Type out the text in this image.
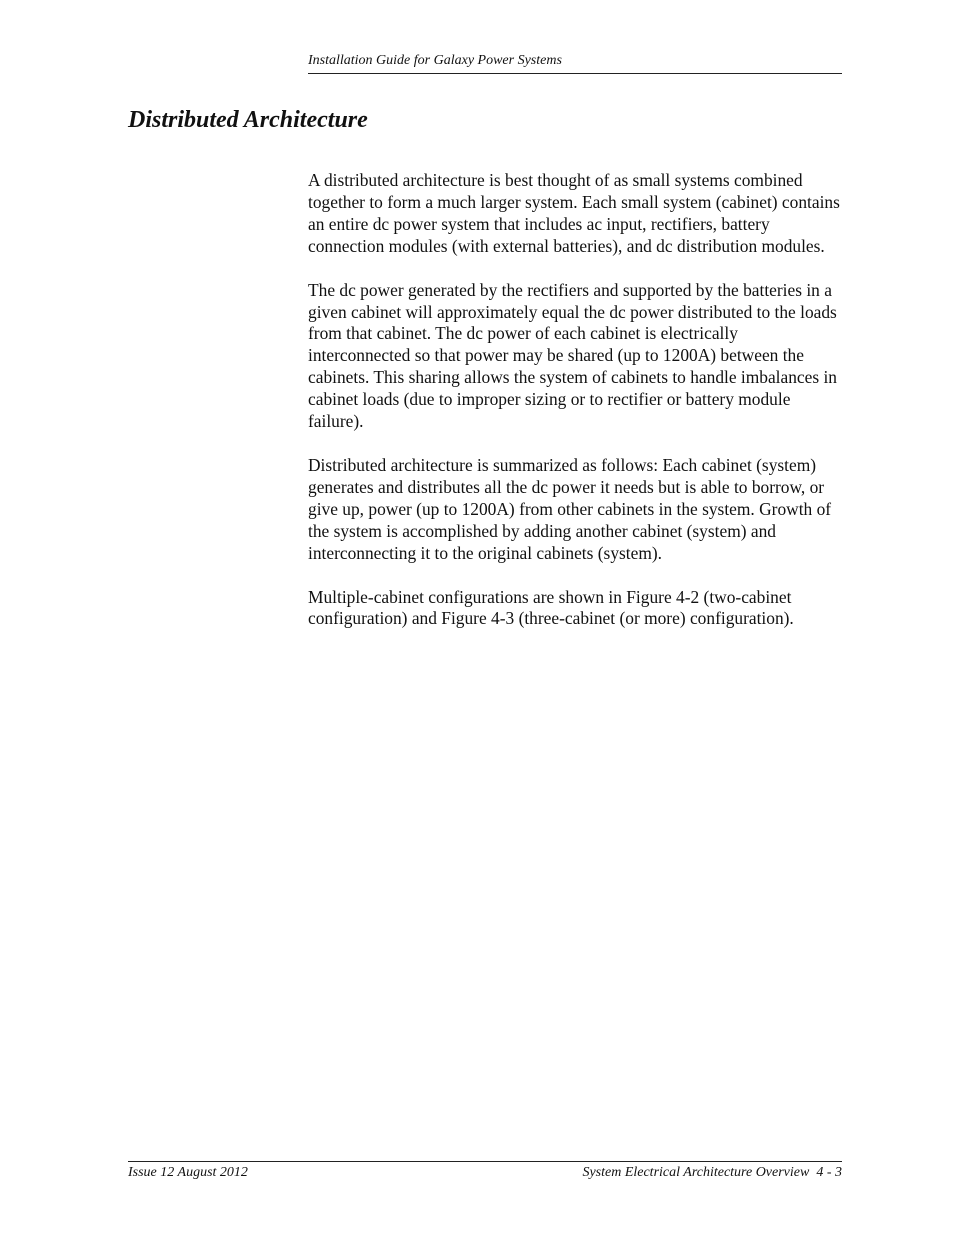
Installation Guide for Galaxy Power Systems
Distributed Architecture

A distributed architecture is best thought of as small systems combined together to form a much larger system. Each small system (cabinet) contains an entire dc power system that includes ac input, rectifiers, battery connection modules (with external batteries), and dc distribution modules.

The dc power generated by the rectifiers and supported by the batteries in a given cabinet will approximately equal the dc power distributed to the loads from that cabinet. The dc power of each cabinet is electrically interconnected so that power may be shared (up to 1200A) between the cabinets. This sharing allows the system of cabinets to handle imbalances in cabinet loads (due to improper sizing or to rectifier or battery module failure).

Distributed architecture is summarized as follows: Each cabinet (system) generates and distributes all the dc power it needs but is able to borrow, or give up, power (up to 1200A) from other cabinets in the system. Growth of the system is accomplished by adding another cabinet (system) and interconnecting it to the original cabinets (system).

Multiple-cabinet configurations are shown in Figure 4-2 (two-cabinet configuration) and Figure 4-3 (three-cabinet (or more) configuration).

Issue 12 August 2012	System Electrical Architecture Overview  4 - 3
